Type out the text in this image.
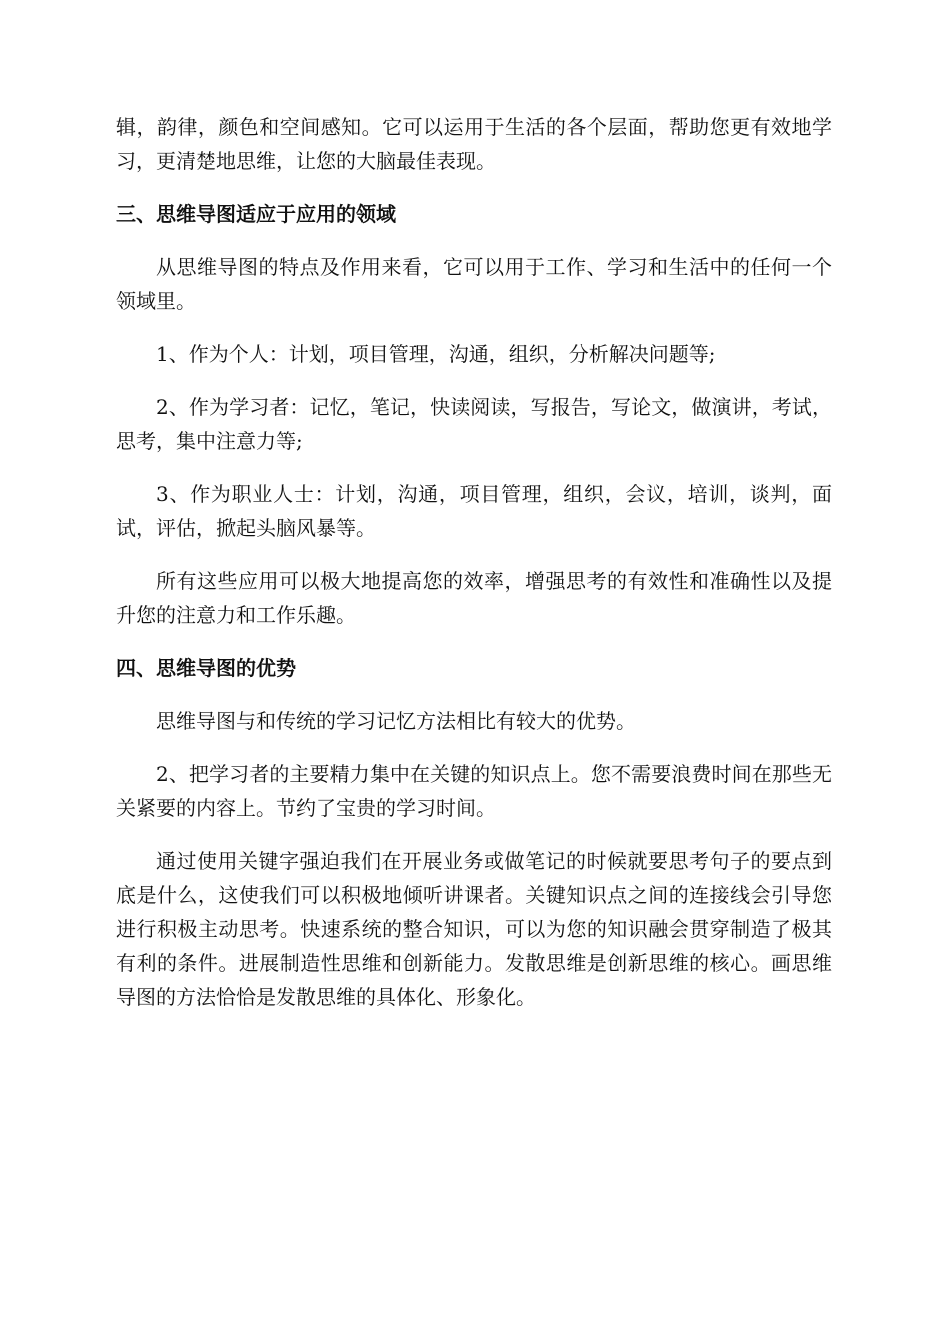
辑，韵律，颜色和空间感知。它可以运用于生活的各个层面，帮助您更有效地学习，更清楚地思维，让您的大脑最佳表现。

三、思维导图适应于应用的领域

从思维导图的特点及作用来看，它可以用于工作、学习和生活中的任何一个领域里。

1、作为个人：计划，项目管理，沟通，组织，分析解决问题等;

2、作为学习者：记忆，笔记，快读阅读，写报告，写论文，做演讲，考试，思考，集中注意力等;

3、作为职业人士：计划，沟通，项目管理，组织，会议，培训，谈判，面试，评估，掀起头脑风暴等。

所有这些应用可以极大地提高您的效率，增强思考的有效性和准确性以及提升您的注意力和工作乐趣。

四、思维导图的优势

思维导图与和传统的学习记忆方法相比有较大的优势。

2、把学习者的主要精力集中在关键的知识点上。您不需要浪费时间在那些无关紧要的内容上。节约了宝贵的学习时间。

通过使用关键字强迫我们在开展业务或做笔记的时候就要思考句子的要点到底是什么，这使我们可以积极地倾听讲课者。关键知识点之间的连接线会引导您进行积极主动思考。快速系统的整合知识，可以为您的知识融会贯穿制造了极其有利的条件。进展制造性思维和创新能力。发散思维是创新思维的核心。画思维导图的方法恰恰是发散思维的具体化、形象化。
